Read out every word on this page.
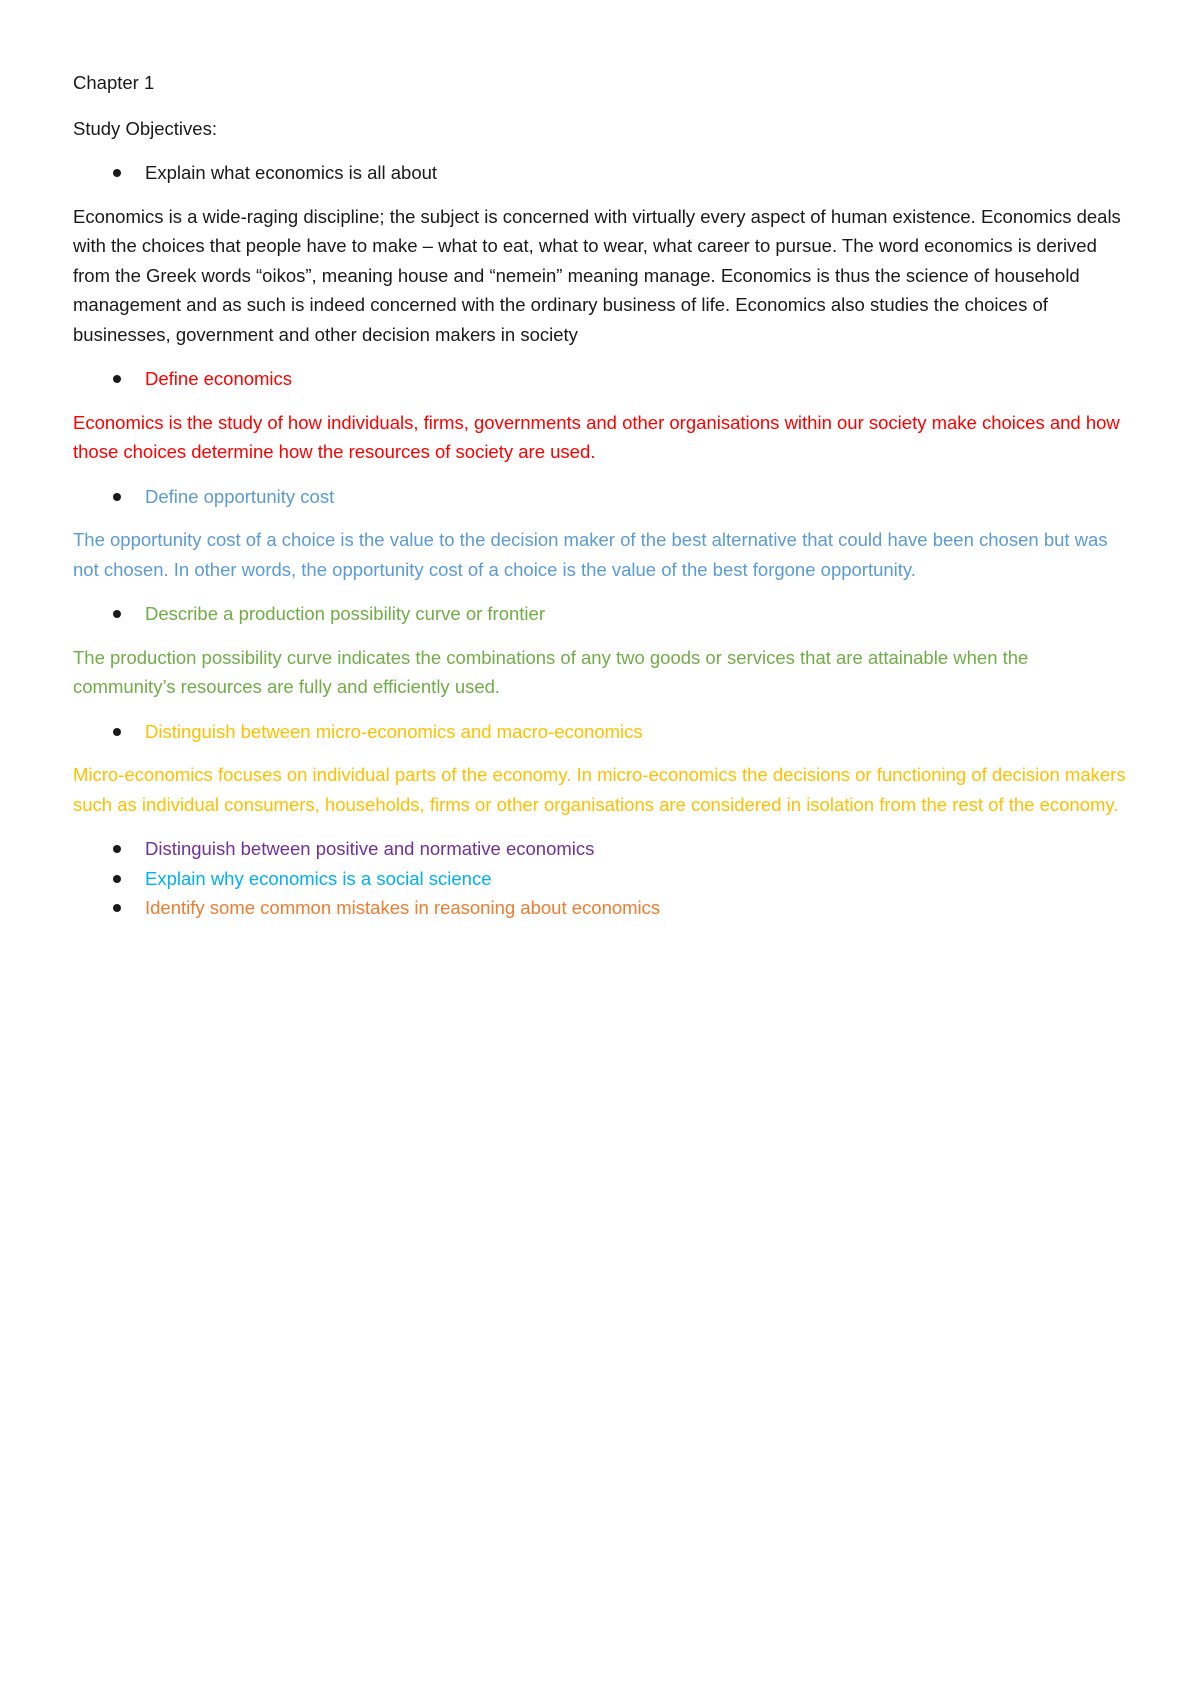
Chapter 1

Study Objectives:

Explain what economics is all about

Economics is a wide-raging discipline; the subject is concerned with virtually every aspect of human existence. Economics deals with the choices that people have to make – what to eat, what to wear, what career to pursue. The word economics is derived from the Greek words “oikos”, meaning house and “nemein” meaning manage. Economics is thus the science of household management and as such is indeed concerned with the ordinary business of life. Economics also studies the choices of businesses, government and other decision makers in society

Define economics

Economics is the study of how individuals, firms, governments and other organisations within our society make choices and how those choices determine how the resources of society are used.

Define opportunity cost

The opportunity cost of a choice is the value to the decision maker of the best alternative that could have been chosen but was not chosen. In other words, the opportunity cost of a choice is the value of the best forgone opportunity.

Describe a production possibility curve or frontier

The production possibility curve indicates the combinations of any two goods or services that are attainable when the community’s resources are fully and efficiently used.

Distinguish between micro-economics and macro-economics

Micro-economics focuses on individual parts of the economy. In micro-economics the decisions or functioning of decision makers such as individual consumers, households, firms or other organisations are considered in isolation from the rest of the economy.

Distinguish between positive and normative economics
Explain why economics is a social science
Identify some common mistakes in reasoning about economics
